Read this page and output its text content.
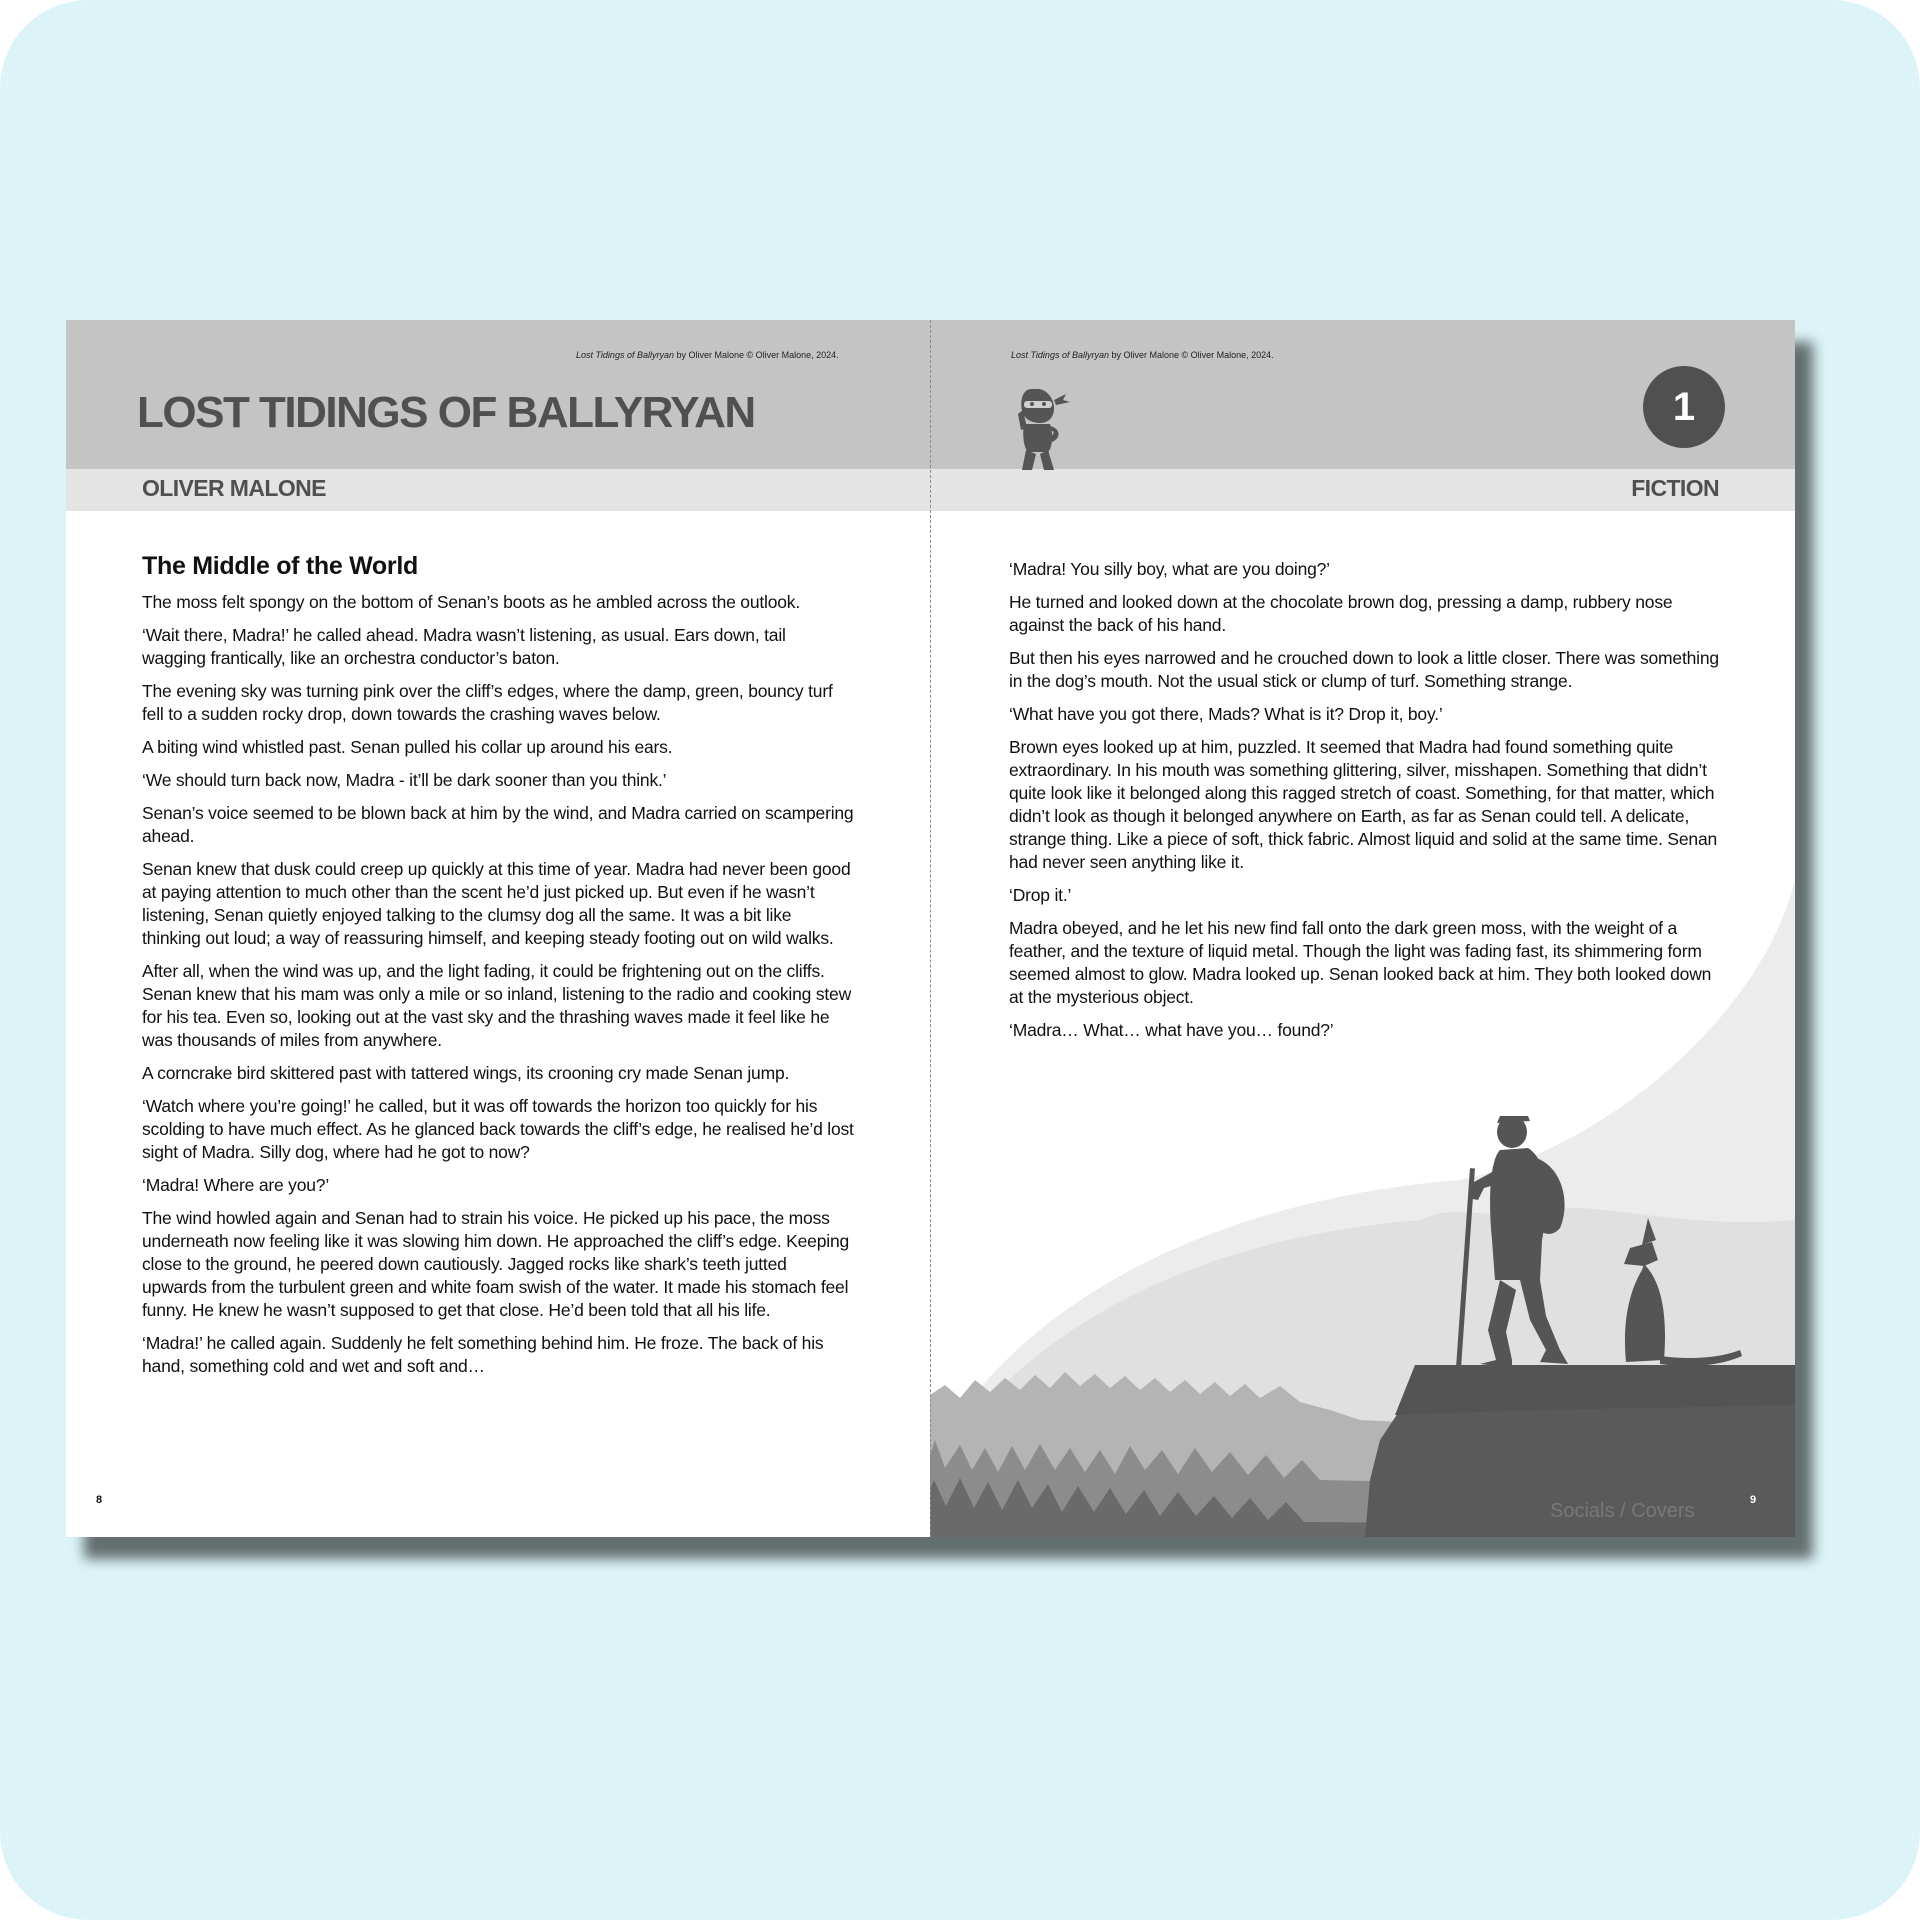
Lost Tidings of Ballyryan by Oliver Malone © Oliver Malone, 2024.
LOST TIDINGS OF BALLYRYAN
OLIVER MALONE
The Middle of the World

The moss felt spongy on the bottom of Senan’s boots as he ambled across the outlook.

‘Wait there, Madra!’ he called ahead. Madra wasn’t listening, as usual. Ears down, tail wagging frantically, like an orchestra conductor’s baton.

The evening sky was turning pink over the cliff’s edges, where the damp, green, bouncy turf fell to a sudden rocky drop, down towards the crashing waves below.

A biting wind whistled past. Senan pulled his collar up around his ears.

‘We should turn back now, Madra - it’ll be dark sooner than you think.’

Senan’s voice seemed to be blown back at him by the wind, and Madra carried on scampering ahead.

Senan knew that dusk could creep up quickly at this time of year. Madra had never been good at paying attention to much other than the scent he’d just picked up. But even if he wasn’t listening, Senan quietly enjoyed talking to the clumsy dog all the same. It was a bit like thinking out loud; a way of reassuring himself, and keeping steady footing out on wild walks.

After all, when the wind was up, and the light fading, it could be frightening out on the cliffs. Senan knew that his mam was only a mile or so inland, listening to the radio and cooking stew for his tea. Even so, looking out at the vast sky and the thrashing waves made it feel like he was thousands of miles from anywhere.

A corncrake bird skittered past with tattered wings, its crooning cry made Senan jump.

‘Watch where you’re going!’ he called, but it was off towards the horizon too quickly for his scolding to have much effect. As he glanced back towards the cliff’s edge, he realised he’d lost sight of Madra. Silly dog, where had he got to now?

‘Madra! Where are you?’

The wind howled again and Senan had to strain his voice. He picked up his pace, the moss underneath now feeling like it was slowing him down. He approached the cliff’s edge. Keeping close to the ground, he peered down cautiously. Jagged rocks like shark’s teeth jutted upwards from the turbulent green and white foam swish of the water. It made his stomach feel funny. He knew he wasn’t supposed to get that close. He’d been told that all his life.

‘Madra!’ he called again. Suddenly he felt something behind him. He froze. The back of his hand, something cold and wet and soft and…

8
Lost Tidings of Ballyryan by Oliver Malone © Oliver Malone, 2024.
1
FICTION

‘Madra! You silly boy, what are you doing?’

He turned and looked down at the chocolate brown dog, pressing a damp, rubbery nose against the back of his hand.

But then his eyes narrowed and he crouched down to look a little closer. There was something in the dog’s mouth. Not the usual stick or clump of turf. Something strange.

‘What have you got there, Mads? What is it? Drop it, boy.’

Brown eyes looked up at him, puzzled. It seemed that Madra had found something quite extraordinary. In his mouth was something glittering, silver, misshapen. Something that didn’t quite look like it belonged along this ragged stretch of coast. Something, for that matter, which didn’t look as though it belonged anywhere on Earth, as far as Senan could tell. A delicate, strange thing. Like a piece of soft, thick fabric. Almost liquid and solid at the same time. Senan had never seen anything like it.

‘Drop it.’

Madra obeyed, and he let his new find fall onto the dark green moss, with the weight of a feather, and the texture of liquid metal. Though the light was fading fast, its shimmering form seemed almost to glow. Madra looked up. Senan looked back at him. They both looked down at the mysterious object.

‘Madra… What… what have you… found?’

Socials / Covers	9
